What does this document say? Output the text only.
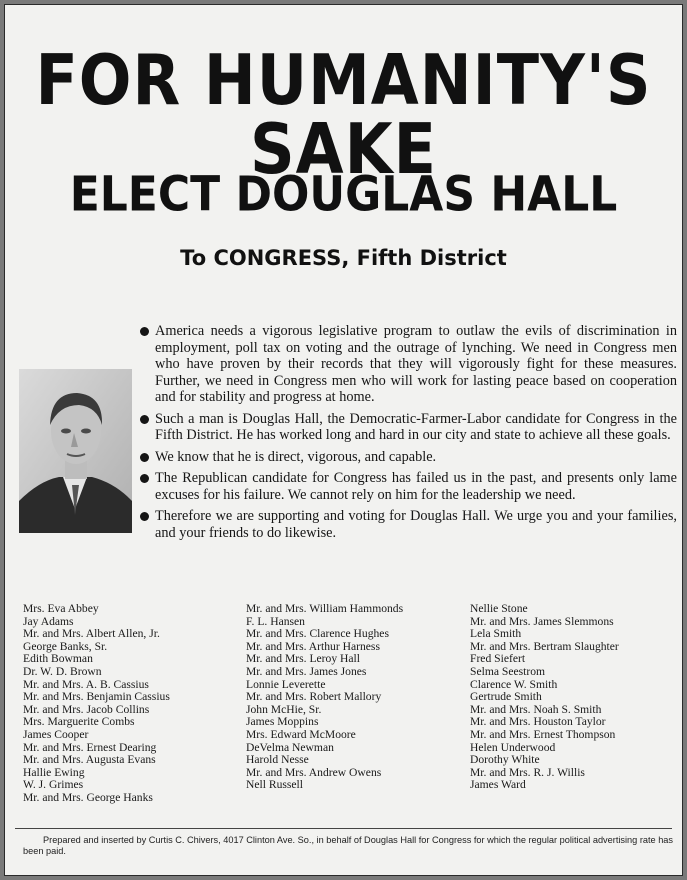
FOR HUMANITY'S SAKE
ELECT DOUGLAS HALL
To CONGRESS, Fifth District
America needs a vigorous legislative program to outlaw the evils of discrimination in employment, poll tax on voting and the outrage of lynching. We need in Congress men who have proven by their records that they will vigorously fight for these measures. Further, we need in Congress men who will work for lasting peace based on cooperation and for stability and progress at home.
Such a man is Douglas Hall, the Democratic-Farmer-Labor candidate for Congress in the Fifth District. He has worked long and hard in our city and state to achieve all these goals.
We know that he is direct, vigorous, and capable.
The Republican candidate for Congress has failed us in the past, and presents only lame excuses for his failure. We cannot rely on him for the leadership we need.
Therefore we are supporting and voting for Douglas Hall. We urge you and your families, and your friends to do likewise.
Mrs. Eva Abbey
Jay Adams
Mr. and Mrs. Albert Allen, Jr.
George Banks, Sr.
Edith Bowman
Dr. W. D. Brown
Mr. and Mrs. A. B. Cassius
Mr. and Mrs. Benjamin Cassius
Mr. and Mrs. Jacob Collins
Mrs. Marguerite Combs
James Cooper
Mr. and Mrs. Ernest Dearing
Mr. and Mrs. Augusta Evans
Hallie Ewing
W. J. Grimes
Mr. and Mrs. George Hanks
Mr. and Mrs. William Hammonds
F. L. Hansen
Mr. and Mrs. Clarence Hughes
Mr. and Mrs. Arthur Harness
Mr. and Mrs. Leroy Hall
Mr. and Mrs. James Jones
Lonnie Leverette
Mr. and Mrs. Robert Mallory
John McHie, Sr.
James Moppins
Mrs. Edward McMoore
DeVelma Newman
Harold Nesse
Mr. and Mrs. Andrew Owens
Nell Russell
Nellie Stone
Mr. and Mrs. James Slemmons
Lela Smith
Mr. and Mrs. Bertram Slaughter
Fred Siefert
Selma Seestrom
Clarence W. Smith
Gertrude Smith
Mr. and Mrs. Noah S. Smith
Mr. and Mrs. Houston Taylor
Mr. and Mrs. Ernest Thompson
Helen Underwood
Dorothy White
Mr. and Mrs. R. J. Willis
James Ward
Prepared and inserted by Curtis C. Chivers, 4017 Clinton Ave. So., in behalf of Douglas Hall for Congress for which the regular political advertising rate has been paid.
